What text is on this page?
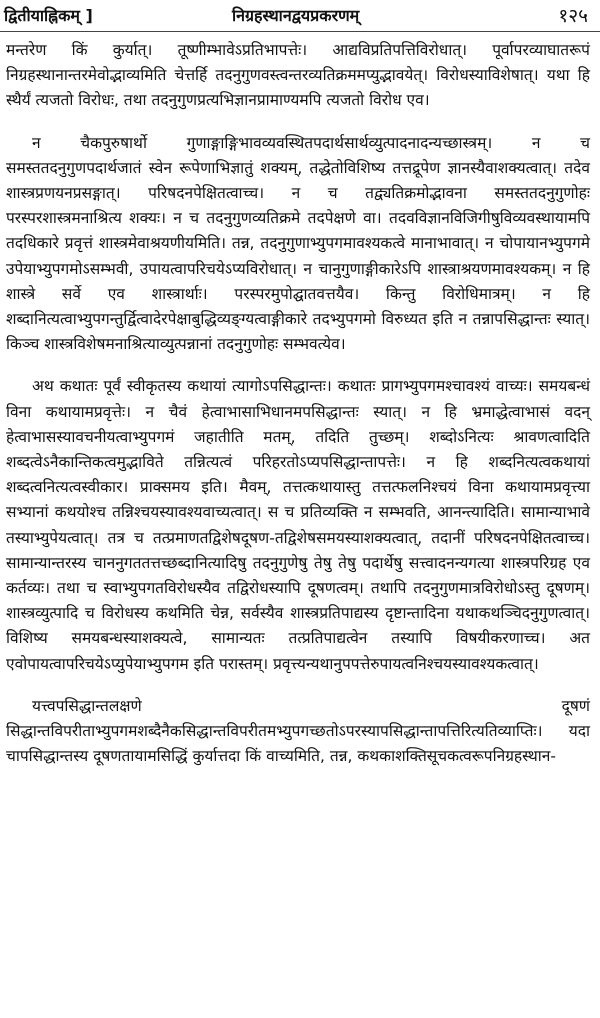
द्वितीयाह्निकम् ]	निग्रहस्थानद्वयप्रकरणम्	१२५

मन्तरेण किं कुर्यात्। तूष्णीम्भावेऽप्रतिभापत्तेः। आद्यविप्रतिपत्तिविरोधात्। पूर्वापरव्याघातरूपं निग्रहस्थानान्तरमेवोद्भाव्यमिति चेत्तर्हि तदनुगुणवस्त्वन्तरव्यतिक्रममप्युद्भावयेत्। विरोधस्याविशेषात्। यथा हि स्थैर्यं त्यजतो विरोधः, तथा तदनुगुणप्रत्यभिज्ञानप्रामाण्यमपि त्यजतो विरोध एव।

न चैकपुरुषार्थो गुणाङ्गाङ्गिभावव्यवस्थितपदार्थसार्थव्युत्पादनादन्यच्छास्त्रम्। न च समस्ततदनुगुणपदार्थजातं स्वेन रूपेणाभिज्ञातुं शक्यम्, तद्धेतोविशिष्य तत्तद्रूपेण ज्ञानस्यैवाशक्यत्वात्। तदेव शास्त्रप्रणयनप्रसङ्गात्। परिषदनपेक्षितत्वाच्च। न च तद्व्यतिक्रमोद्भावना समस्ततदनुगुणोहः परस्परशास्त्रमनाश्रित्य शक्यः। न च तदनुगुणव्यतिक्रमे तदपेक्षणे वा। तदवविज्ञानविजिगीषुविव्यवस्थायामपि तदधिकारे प्रवृत्तं शास्त्रमेवाश्रयणीयमिति। तन्न, तदनुगुणाभ्युपगमावश्यकत्वे मानाभावात्। न चोपायानभ्युपगमे उपेयाभ्युपगमोऽसम्भवी, उपायत्वापरिचयेऽप्यविरोधात्। न चानुगुणाङ्गीकारेऽपि शास्त्राश्रयणमावश्यकम्। न हि शास्त्रे सर्वे एव शास्त्रार्थाः। परस्परमुपोद्घातवत्तयैव। किन्तु विरोधिमात्रम्। न हि शब्दानित्यत्वाभ्युपगन्तुर्द्वित्वादेरपेक्षाबुद्धिव्यङ्ग्यत्वाङ्गीकारे तदभ्युपगमो विरुध्यत इति न तन्नापसिद्धान्तः स्यात्। किञ्च शास्त्रविशेषमनाश्रित्याव्युत्पन्नानां तदनुगुणोहः सम्भवत्येव।

अथ कथातः पूर्वं स्वीकृतस्य कथायां त्यागोऽपसिद्धान्तः। कथातः प्रागभ्युपगमश्चावश्यं वाच्यः। समयबन्धं विना कथायामप्रवृत्तेः। न चैवं हेत्वाभासाभिधानमपसिद्धान्तः स्यात्। न हि भ्रमाद्धेत्वाभासं वदन् हेत्वाभासस्यावचनीयत्वाभ्युपगमं जहातीति मतम्, तदिति तुच्छम्। शब्दोऽनित्यः श्रावणत्वादिति शब्दत्वेऽनैकान्तिकत्वमुद्भाविते तन्नित्यत्वं परिहरतोऽप्यपसिद्धान्तापत्तेः। न हि शब्दनित्यत्वकथायां शब्दत्वनित्यत्वस्वीकार। प्राक्समय इति। मैवम्, तत्तत्कथायास्तु तत्तत्फलनिश्चयं विना कथायामप्रवृत्त्या सभ्यानां कथयोश्च तन्निश्चयस्यावश्यवाच्यत्वात्। स च प्रतिव्यक्ति न सम्भवति, आनन्त्यादिति। सामान्याभावे तस्याभ्युपेयत्वात्। तत्र च तत्प्रमाणतद्विशेषदूषण-तद्विशेषसमयस्याशक्यत्वात्, तदानीं परिषदनपेक्षितत्वाच्च। सामान्यान्तरस्य चाननुगततत्तच्छब्दानित्यादिषु तदनुगुणेषु तेषु तेषु पदार्थेषु सत्त्वादनन्यगत्या शास्त्रपरिग्रह एव कर्तव्यः। तथा च स्वाभ्युपगतविरोधस्यैव तद्विरोधस्यापि दूषणत्वम्। तथापि तदनुगुणमात्रविरोधोऽस्तु दूषणम्। शास्त्रव्युत्पादि च विरोधस्य कथमिति चेन्न, सर्वस्यैव शास्त्रप्रतिपाद्यस्य दृष्टान्तादिना यथाकथञ्चिदनुगुणत्वात्। विशिष्य समयबन्धस्याशक्यत्वे, सामान्यतः तत्प्रतिपाद्यत्वेन तस्यापि विषयीकरणाच्च। अत एवोपायत्वापरिचयेऽप्युपेयाभ्युपगम इति परास्तम्। प्रवृत्त्यन्यथानुपपत्तेरुपायत्वनिश्चयस्यावश्यकत्वात्।

यत्त्वपसिद्धान्तलक्षणे दूषणं सिद्धान्तविपरीताभ्युपगमशब्दैनैकसिद्धान्तविपरीतमभ्युपगच्छतोऽपरस्यापसिद्धान्तापत्तिरित्यतिव्याप्तिः। यदा चापसिद्धान्तस्य दूषणतायामसिद्धिं कुर्यात्तदा किं वाच्यमिति, तन्न, कथकाशक्तिसूचकत्वरूपनिग्रहस्थान-
